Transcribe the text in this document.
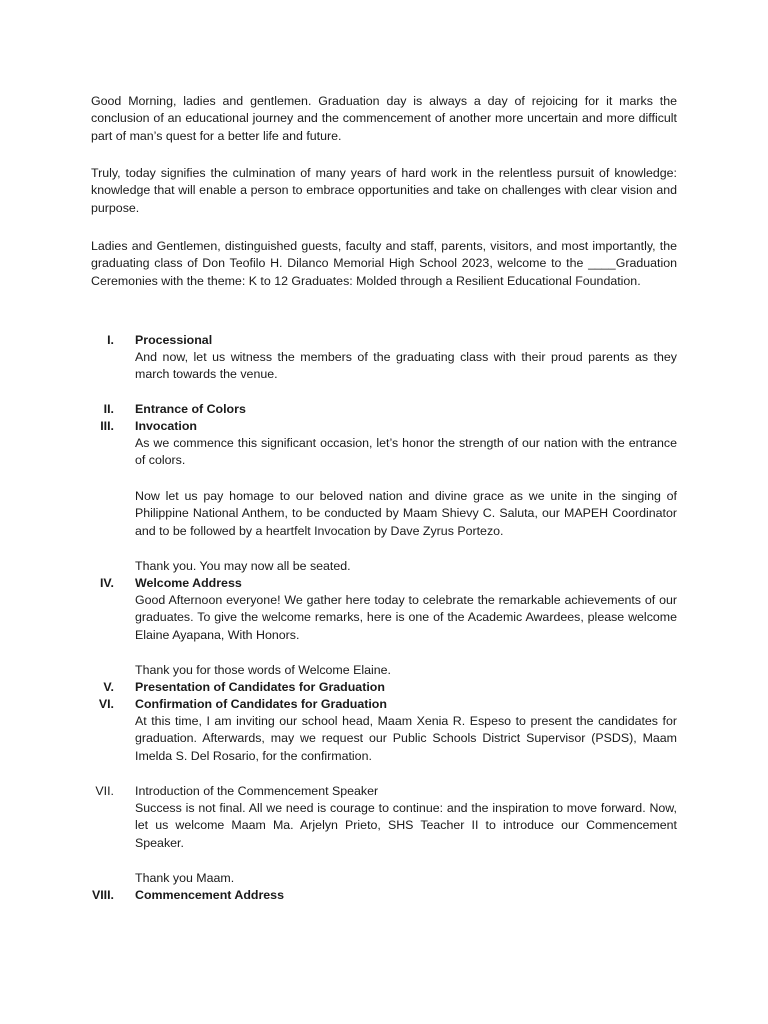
Good Morning, ladies and gentlemen. Graduation day is always a day of rejoicing for it marks the conclusion of an educational journey and the commencement of another more uncertain and more difficult part of man’s quest for a better life and future.

Truly, today signifies the culmination of many years of hard work in the relentless pursuit of knowledge: knowledge that will enable a person to embrace opportunities and take on challenges with clear vision and purpose.

Ladies and Gentlemen, distinguished guests, faculty and staff, parents, visitors, and most importantly, the graduating class of Don Teofilo H. Dilanco Memorial High School 2023, welcome to the ____Graduation Ceremonies with the theme: K to 12 Graduates: Molded through a Resilient Educational Foundation.

I. Processional

And now, let us witness the members of the graduating class with their proud parents as they march towards the venue.

II. Entrance of Colors
III. Invocation

As we commence this significant occasion, let’s honor the strength of our nation with the entrance of colors.

Now let us pay homage to our beloved nation and divine grace as we unite in the singing of Philippine National Anthem, to be conducted by Maam Shievy C. Saluta, our MAPEH Coordinator and to be followed by a heartfelt Invocation by Dave Zyrus Portezo.

Thank you. You may now all be seated.

IV. Welcome Address

Good Afternoon everyone! We gather here today to celebrate the remarkable achievements of our graduates. To give the welcome remarks, here is one of the Academic Awardees, please welcome Elaine Ayapana, With Honors.

Thank you for those words of Welcome Elaine.

V. Presentation of Candidates for Graduation
VI. Confirmation of Candidates for Graduation

At this time, I am inviting our school head, Maam Xenia R. Espeso to present the candidates for graduation. Afterwards, may we request our Public Schools District Supervisor (PSDS), Maam Imelda S. Del Rosario, for the confirmation.

VII. Introduction of the Commencement Speaker

Success is not final. All we need is courage to continue: and the inspiration to move forward. Now, let us welcome Maam Ma. Arjelyn Prieto, SHS Teacher II to introduce our Commencement Speaker.

Thank you Maam.

VIII. Commencement Address
